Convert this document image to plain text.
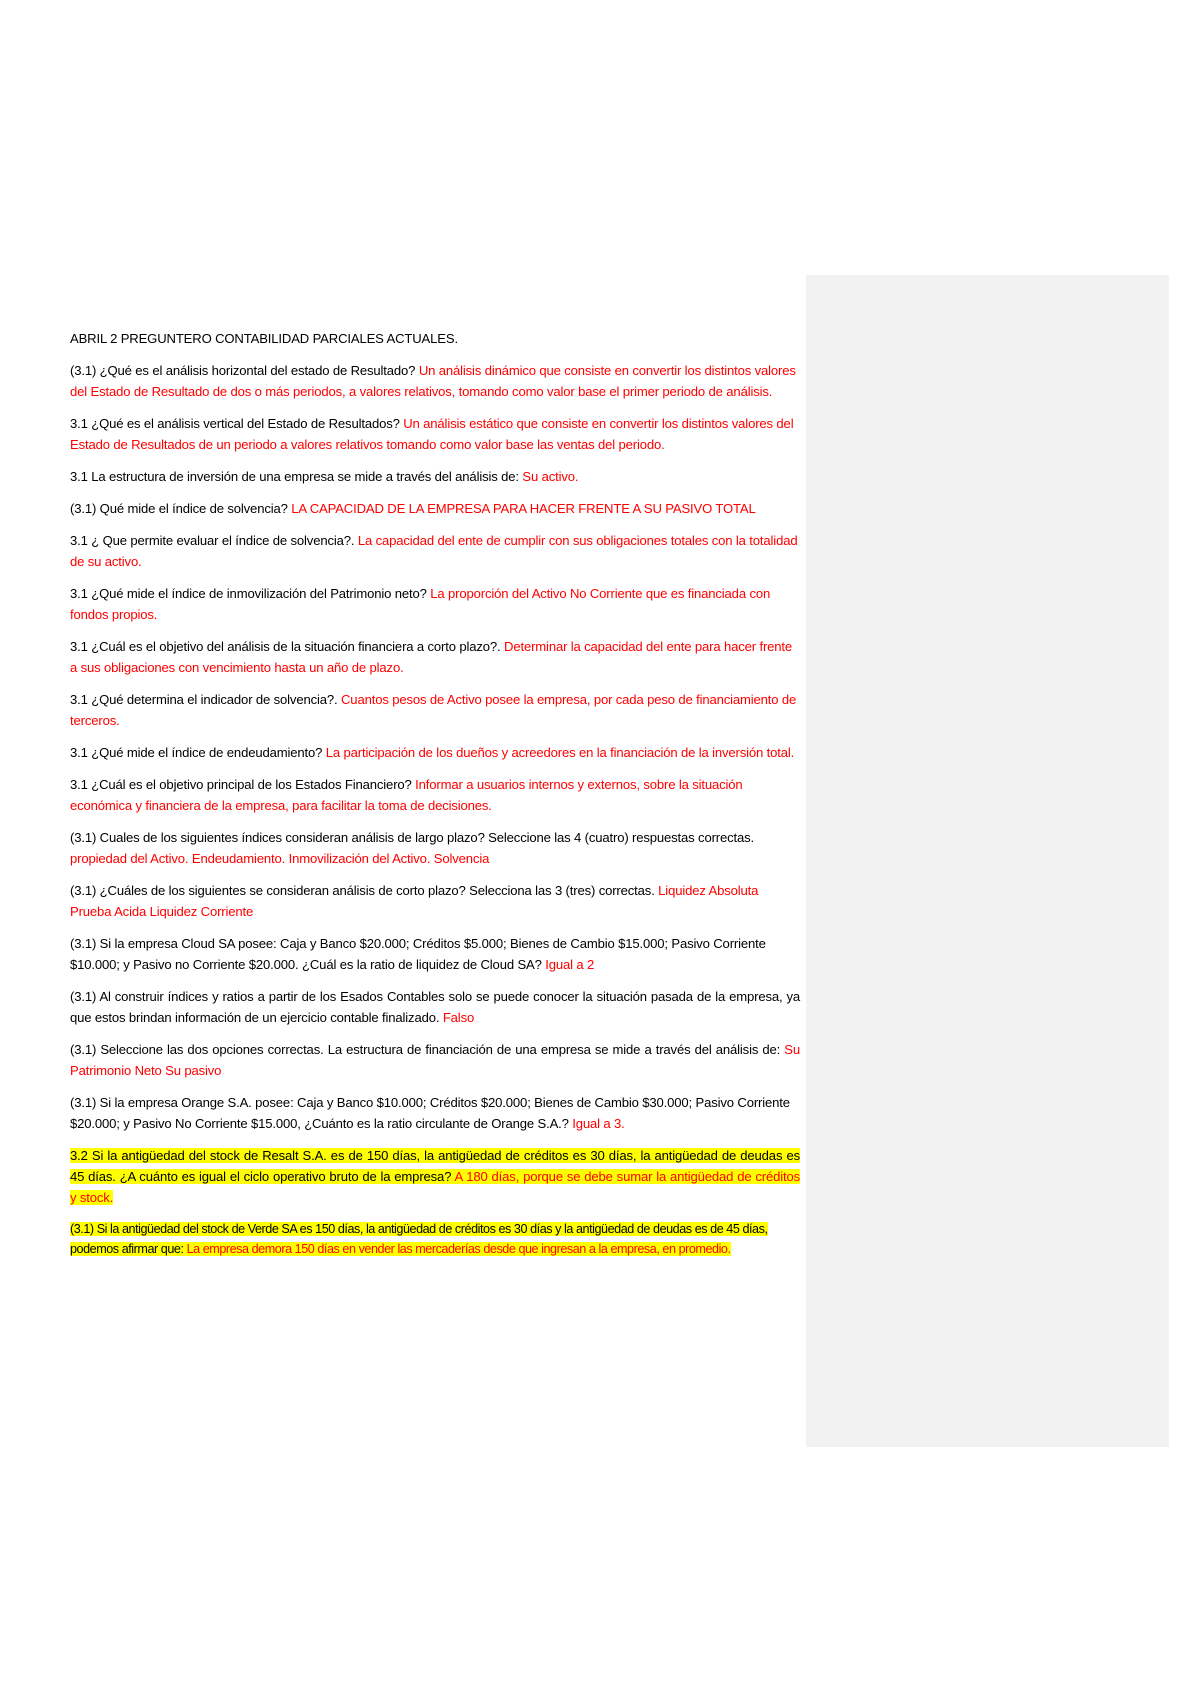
ABRIL 2 PREGUNTERO CONTABILIDAD PARCIALES ACTUALES.

(3.1) ¿Qué es el análisis horizontal del estado de Resultado? Un análisis dinámico que consiste en convertir los distintos valores del Estado de Resultado de dos o más periodos, a valores relativos, tomando como valor base el primer periodo de análisis.

3.1 ¿Qué es el análisis vertical del Estado de Resultados? Un análisis estático que consiste en convertir los distintos valores del Estado de Resultados de un periodo a valores relativos tomando como valor base las ventas del periodo.

3.1 La estructura de inversión de una empresa se mide a través del análisis de: Su activo.

(3.1) Qué mide el índice de solvencia? LA CAPACIDAD DE LA EMPRESA PARA HACER FRENTE A SU PASIVO TOTAL

3.1 ¿ Que permite evaluar el índice de solvencia?. La capacidad del ente de cumplir con sus obligaciones totales con la totalidad de su activo.

3.1 ¿Qué mide el índice de inmovilización del Patrimonio neto? La proporción del Activo No Corriente que es financiada con fondos propios.

3.1 ¿Cuál es el objetivo del análisis de la situación financiera a corto plazo?. Determinar la capacidad del ente para hacer frente a sus obligaciones con vencimiento hasta un año de plazo.

3.1 ¿Qué determina el indicador de solvencia?. Cuantos pesos de Activo posee la empresa, por cada peso de financiamiento de terceros.

3.1 ¿Qué mide el índice de endeudamiento? La participación de los dueños y acreedores en la financiación de la inversión total.

3.1 ¿Cuál es el objetivo principal de los Estados Financiero? Informar a usuarios internos y externos, sobre la situación económica y financiera de la empresa, para facilitar la toma de decisiones.

(3.1) Cuales de los siguientes índices consideran análisis de largo plazo? Seleccione las 4 (cuatro) respuestas correctas. propiedad del Activo. Endeudamiento. Inmovilización del Activo. Solvencia

(3.1) ¿Cuáles de los siguientes se consideran análisis de corto plazo? Selecciona las 3 (tres) correctas. Liquidez Absoluta Prueba Acida Liquidez Corriente

(3.1) Si la empresa Cloud SA posee: Caja y Banco $20.000; Créditos $5.000; Bienes de Cambio $15.000; Pasivo Corriente $10.000; y Pasivo no Corriente $20.000. ¿Cuál es la ratio de liquidez de Cloud SA? Igual a 2

(3.1) Al construir índices y ratios a partir de los Esados Contables solo se puede conocer la situación pasada de la empresa, ya que estos brindan información de un ejercicio contable finalizado. Falso

(3.1) Seleccione las dos opciones correctas. La estructura de financiación de una empresa se mide a través del análisis de: Su Patrimonio Neto Su pasivo

(3.1) Si la empresa Orange S.A. posee: Caja y Banco $10.000; Créditos $20.000; Bienes de Cambio $30.000; Pasivo Corriente $20.000; y Pasivo No Corriente $15.000, ¿Cuánto es la ratio circulante de Orange S.A.? Igual a 3.

3.2 Si la antigüedad del stock de Resalt S.A. es de 150 días, la antigüedad de créditos es 30 días, la antigüedad de deudas es 45 días. ¿A cuánto es igual el ciclo operativo bruto de la empresa? A 180 días, porque se debe sumar la antigüedad de créditos y stock.

(3.1) Si la antigüedad del stock de Verde SA es 150 días, la antigüedad de créditos es 30 días y la antigüedad de deudas es de 45 días, podemos afirmar que: La empresa demora 150 días en vender las mercaderías desde que ingresan a la empresa, en promedio.
